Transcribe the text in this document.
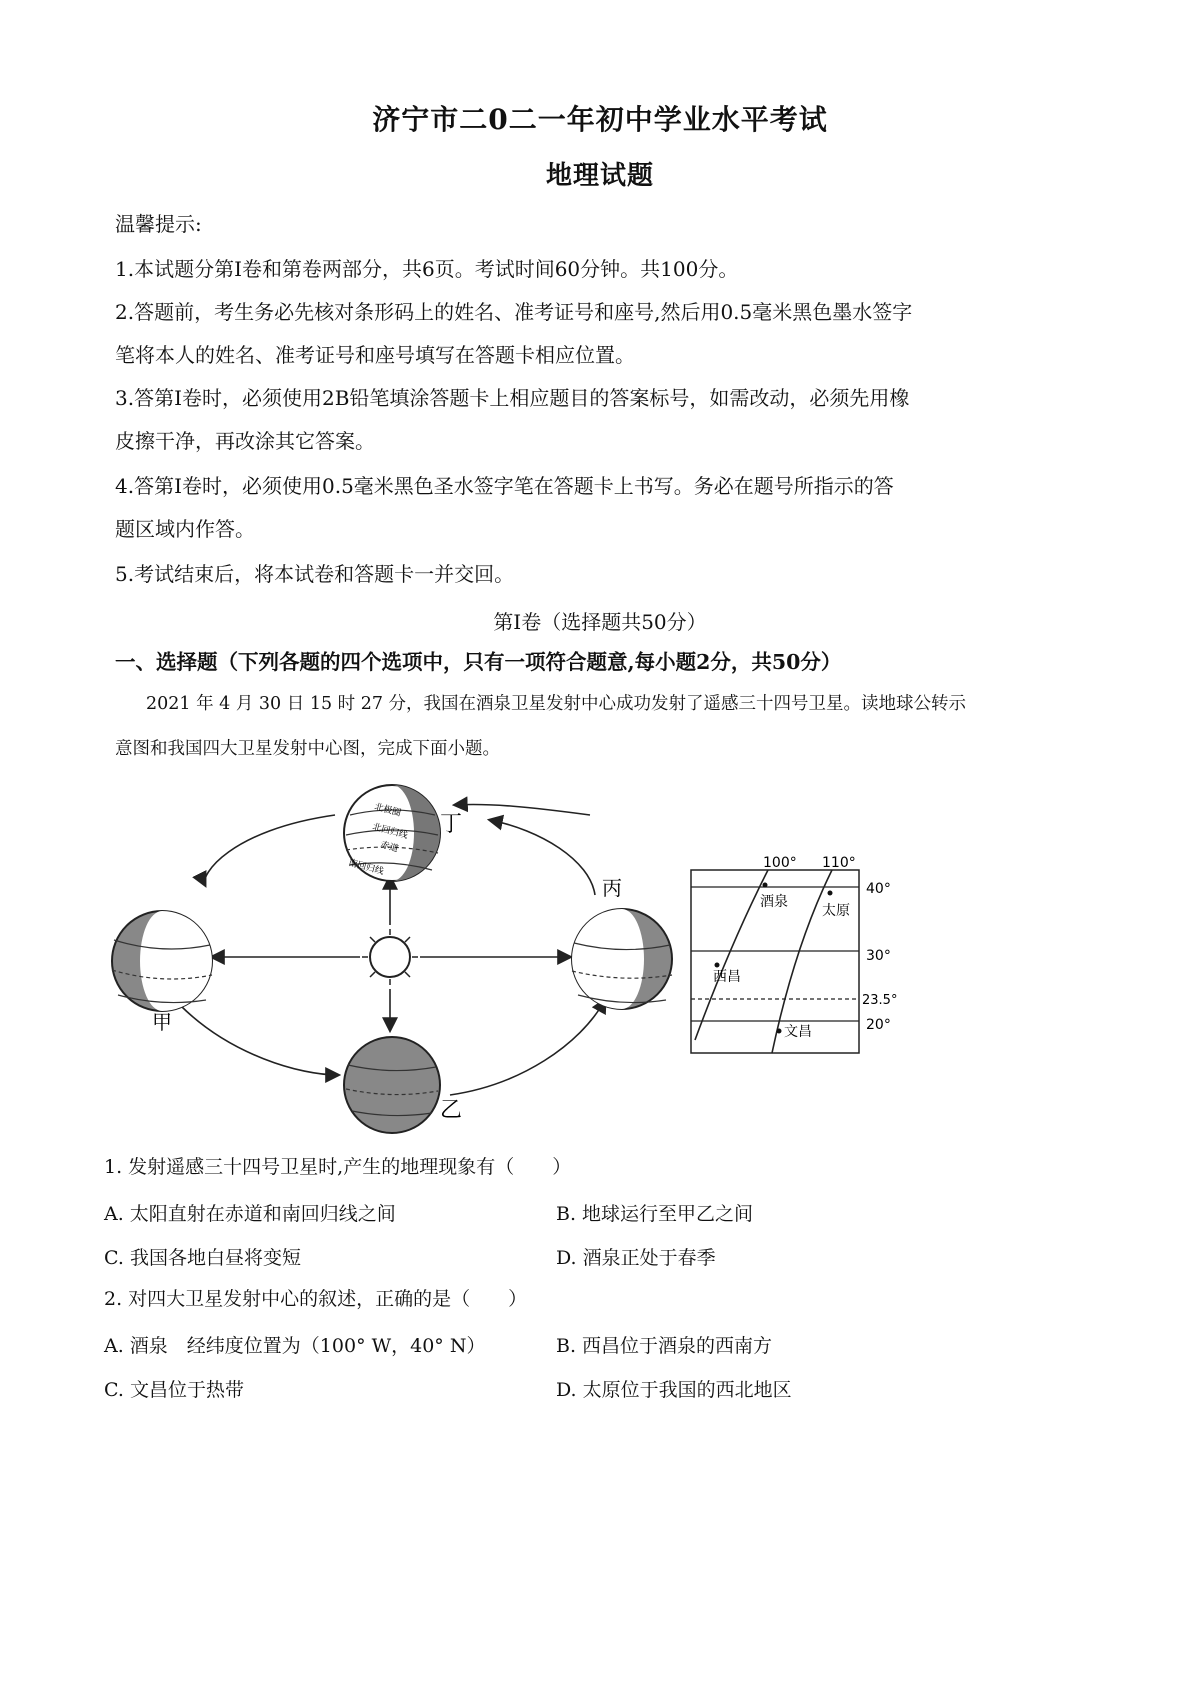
济宁市二0二一年初中学业水平考试
地理试题
温馨提示:
1.本试题分第Ⅰ卷和第卷两部分，共6页。考试时间60分钟。共100分。
2.答题前，考生务必先核对条形码上的姓名、准考证号和座号,然后用0.5毫米黑色墨水签字
笔将本人的姓名、准考证号和座号填写在答题卡相应位置。
3.答第Ⅰ卷时，必须使用2B铅笔填涂答题卡上相应题目的答案标号，如需改动，必须先用橡
皮擦干净，再改涂其它答案。
4.答第Ⅰ卷时，必须使用0.5毫米黑色圣水签字笔在答题卡上书写。务必在题号所指示的答
题区域内作答。
5.考试结束后，将本试卷和答题卡一并交回。
第Ⅰ卷（选择题共50分）
一、选择题（下列各题的四个选项中，只有一项符合题意,每小题2分，共50分）
2021 年 4 月 30 日 15 时 27 分，我国在酒泉卫星发射中心成功发射了遥感三十四号卫星。读地球公转示
意图和我国四大卫星发射中心图，完成下面小题。
北极圈
北回归线
赤道
南回归线
丁
甲
丙
乙
100° 110°
40°
30°
23.5°
20°
酒泉
太原
西昌
文昌
1. 发射遥感三十四号卫星时,产生的地理现象有（　　）
A. 太阳直射在赤道和南回归线之间	B. 地球运行至甲乙之间
C. 我国各地白昼将变短	D. 酒泉正处于春季
2. 对四大卫星发射中心的叙述，正确的是（　　）
A. 酒泉　经纬度位置为（100° W，40° N）	B. 西昌位于酒泉的西南方
C. 文昌位于热带	D. 太原位于我国的西北地区
